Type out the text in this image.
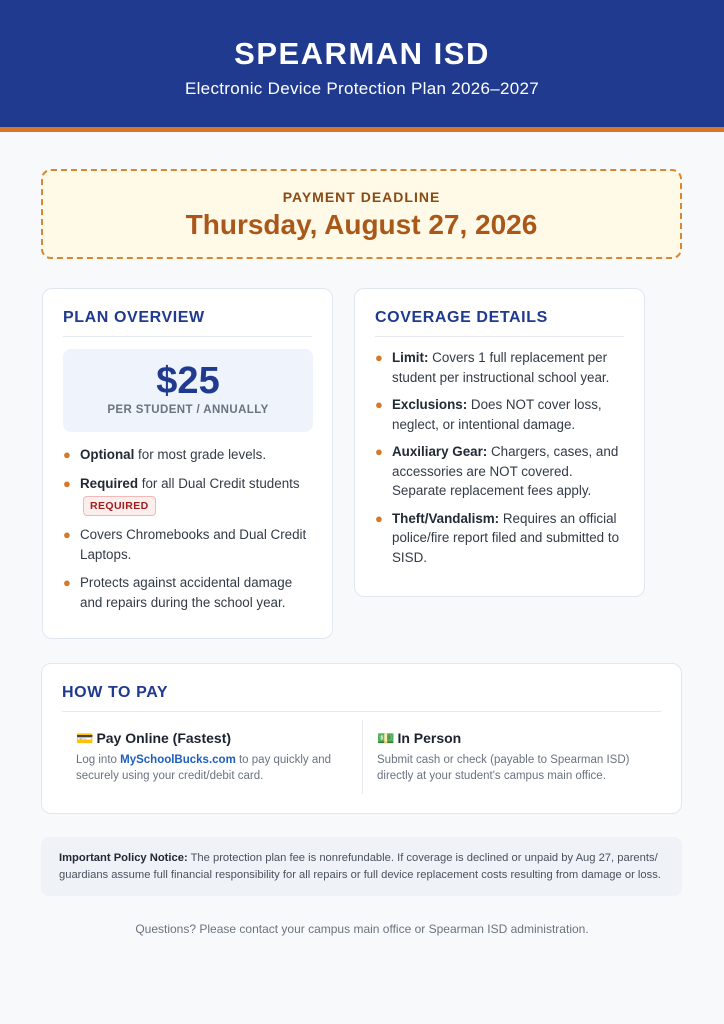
SPEARMAN ISD
Electronic Device Protection Plan 2026–2027
PAYMENT DEADLINE
Thursday, August 27, 2026
PLAN OVERVIEW
$25
PER STUDENT / ANNUALLY
● Optional for most grade levels.
● Required for all Dual Credit students
REQUIRED
● Covers Chromebooks and Dual Credit Laptops.
● Protects against accidental damage and repairs during the school year.
COVERAGE DETAILS
● Limit: Covers 1 full replacement per student per instructional school year.
● Exclusions: Does NOT cover loss, neglect, or intentional damage.
● Auxiliary Gear: Chargers, cases, and accessories are NOT covered. Separate replacement fees apply.
● Theft/Vandalism: Requires an official police/fire report filed and submitted to SISD.
HOW TO PAY
💳 Pay Online (Fastest)
Log into MySchoolBucks.com to pay quickly and securely using your credit/debit card.
💵 In Person
Submit cash or check (payable to Spearman ISD) directly at your student's campus main office.
Important Policy Notice: The protection plan fee is nonrefundable. If coverage is declined or unpaid by Aug 27, parents/ guardians assume full financial responsibility for all repairs or full device replacement costs resulting from damage or loss.
Questions? Please contact your campus main office or Spearman ISD administration.
